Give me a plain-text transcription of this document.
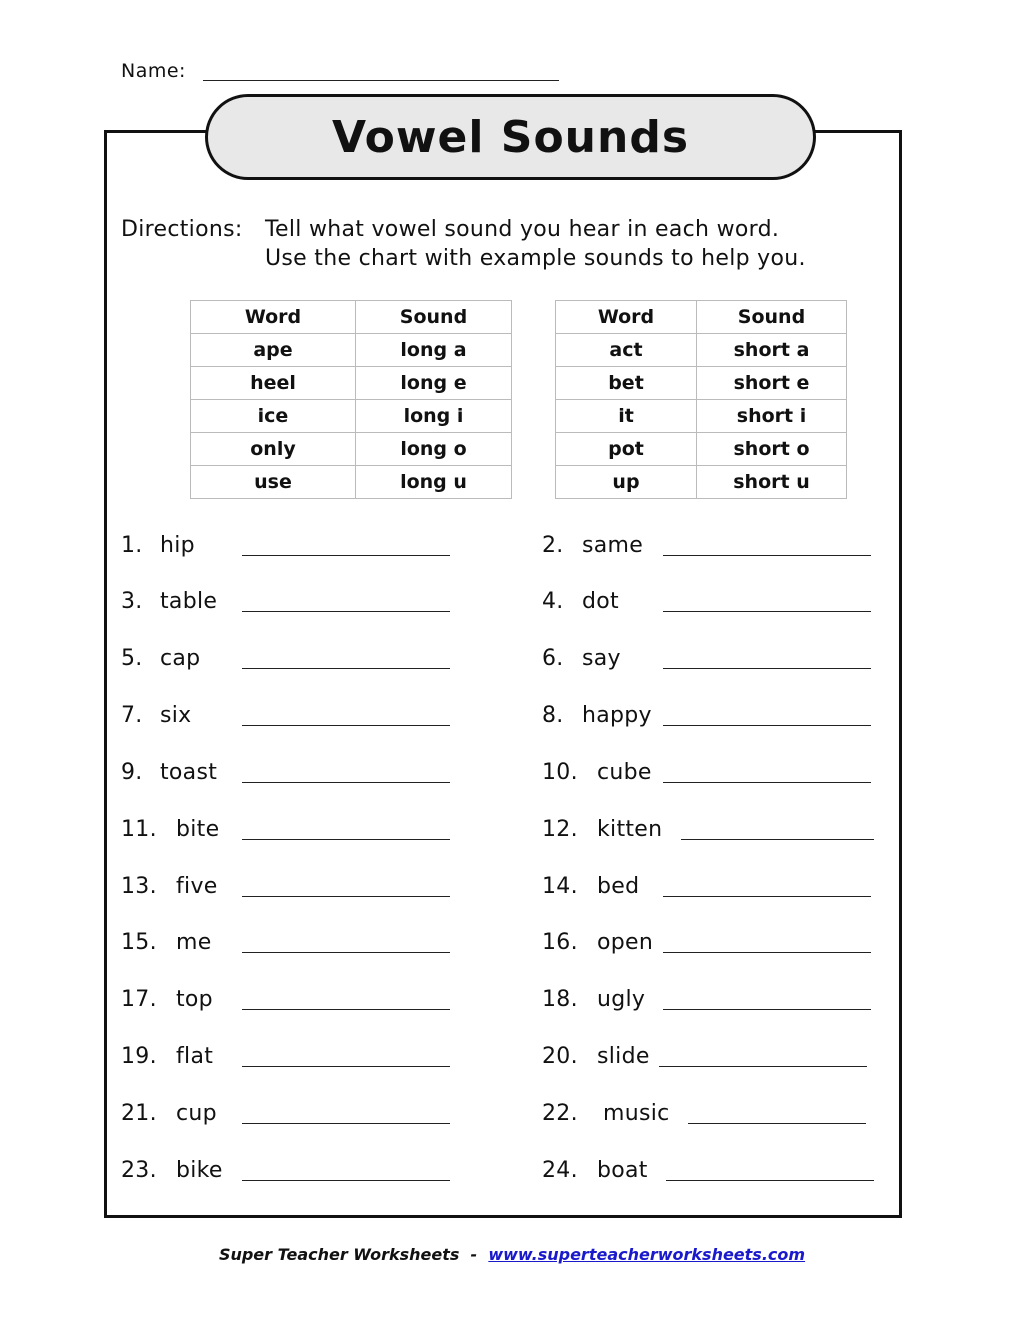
Name:
Vowel Sounds
Directions: Tell what vowel sound you hear in each word.
Use the chart with example sounds to help you.
Word	Sound
ape	long a
heel	long e
ice	long i
only	long o
use	long u
Word	Sound
act	short a
bet	short e
it	short i
pot	short o
up	short u
1. hip	2. same
3. table	4. dot
5. cap	6. say
7. six	8. happy
9. toast	10. cube
11. bite	12. kitten
13. five	14. bed
15. me	16. open
17. top	18. ugly
19. flat	20. slide
21. cup	22. music
23. bike	24. boat
Super Teacher Worksheets - www.superteacherworksheets.com
